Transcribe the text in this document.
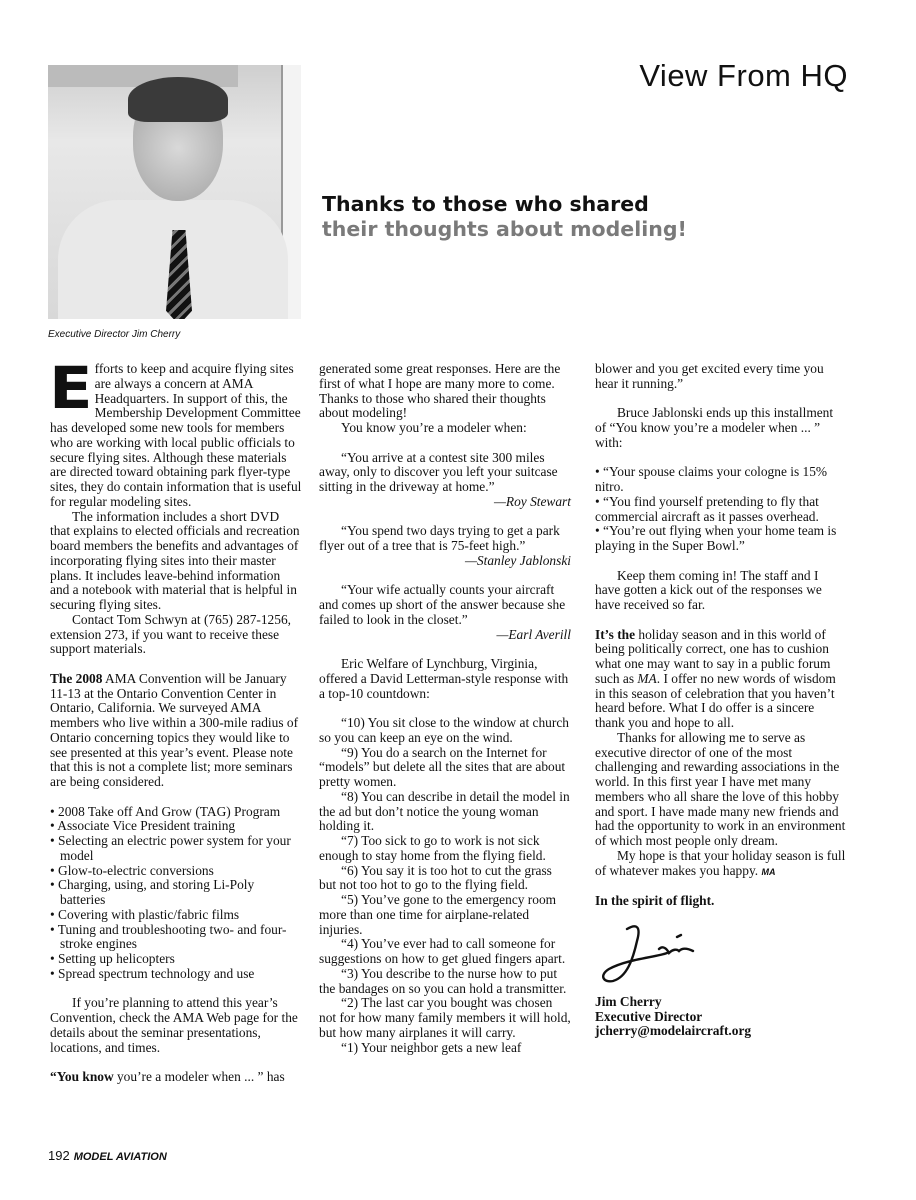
Executive Director Jim Cherry
View From HQ
Thanks to those who shared
their thoughts about modeling!
E fforts to keep and acquire flying sites are always a concern at AMA Headquarters. In support of this, the Membership Development Committee has developed some new tools for members who are working with local public officials to secure flying sites. Although these materials are directed toward obtaining park flyer-type sites, they do contain information that is useful for regular modeling sites.

The information includes a short DVD that explains to elected officials and recreation board members the benefits and advantages of incorporating flying sites into their master plans. It includes leave-behind information and a notebook with material that is helpful in securing flying sites.

Contact Tom Schwyn at (765) 287-1256, extension 273, if you want to receive these support materials.

The 2008 AMA Convention will be January 11-13 at the Ontario Convention Center in Ontario, California. We surveyed AMA members who live within a 300-mile radius of Ontario concerning topics they would like to see presented at this year’s event. Please note that this is not a complete list; more seminars are being considered.

• 2008 Take off And Grow (TAG) Program

• Associate Vice President training

• Selecting an electric power system for your model

• Glow-to-electric conversions

• Charging, using, and storing Li-Poly batteries

• Covering with plastic/fabric films

• Tuning and troubleshooting two- and four-stroke engines

• Setting up helicopters

• Spread spectrum technology and use

If you’re planning to attend this year’s Convention, check the AMA Web page for the details about the seminar presentations, locations, and times.

“You know you’re a modeler when ... ” has

generated some great responses. Here are the first of what I hope are many more to come. Thanks to those who shared their thoughts about modeling!

You know you’re a modeler when:

“You arrive at a contest site 300 miles away, only to discover you left your suitcase sitting in the driveway at home.”

—Roy Stewart

“You spend two days trying to get a park flyer out of a tree that is 75-feet high.”

—Stanley Jablonski

“Your wife actually counts your aircraft and comes up short of the answer because she failed to look in the closet.”

—Earl Averill

Eric Welfare of Lynchburg, Virginia, offered a David Letterman-style response with a top-10 countdown:

“10) You sit close to the window at church so you can keep an eye on the wind.

“9) You do a search on the Internet for “models” but delete all the sites that are about pretty women.

“8) You can describe in detail the model in the ad but don’t notice the young woman holding it.

“7) Too sick to go to work is not sick enough to stay home from the flying field.

“6) You say it is too hot to cut the grass but not too hot to go to the flying field.

“5) You’ve gone to the emergency room more than one time for airplane-related injuries.

“4) You’ve ever had to call someone for suggestions on how to get glued fingers apart.

“3) You describe to the nurse how to put the bandages on so you can hold a transmitter.

“2) The last car you bought was chosen not for how many family members it will hold, but how many airplanes it will carry.

“1) Your neighbor gets a new leaf

blower and you get excited every time you hear it running.”

Bruce Jablonski ends up this installment of “You know you’re a modeler when ... ” with:

• “Your spouse claims your cologne is 15% nitro.

• “You find yourself pretending to fly that commercial aircraft as it passes overhead.

• “You’re out flying when your home team is playing in the Super Bowl.”

Keep them coming in! The staff and I have gotten a kick out of the responses we have received so far.

It’s the holiday season and in this world of being politically correct, one has to cushion what one may want to say in a public forum such as MA. I offer no new words of wisdom in this season of celebration that you haven’t heard before. What I do offer is a sincere thank you and hope to all.

Thanks for allowing me to serve as executive director of one of the most challenging and rewarding associations in the world. In this first year I have met many members who all share the love of this hobby and sport. I have made many new friends and had the opportunity to work in an environment of which most people only dream.

My hope is that your holiday season is full of whatever makes you happy. MA

In the spirit of flight.

Jim Cherry

Executive Director

jcherry@modelaircraft.org

192 MODEL AVIATION
